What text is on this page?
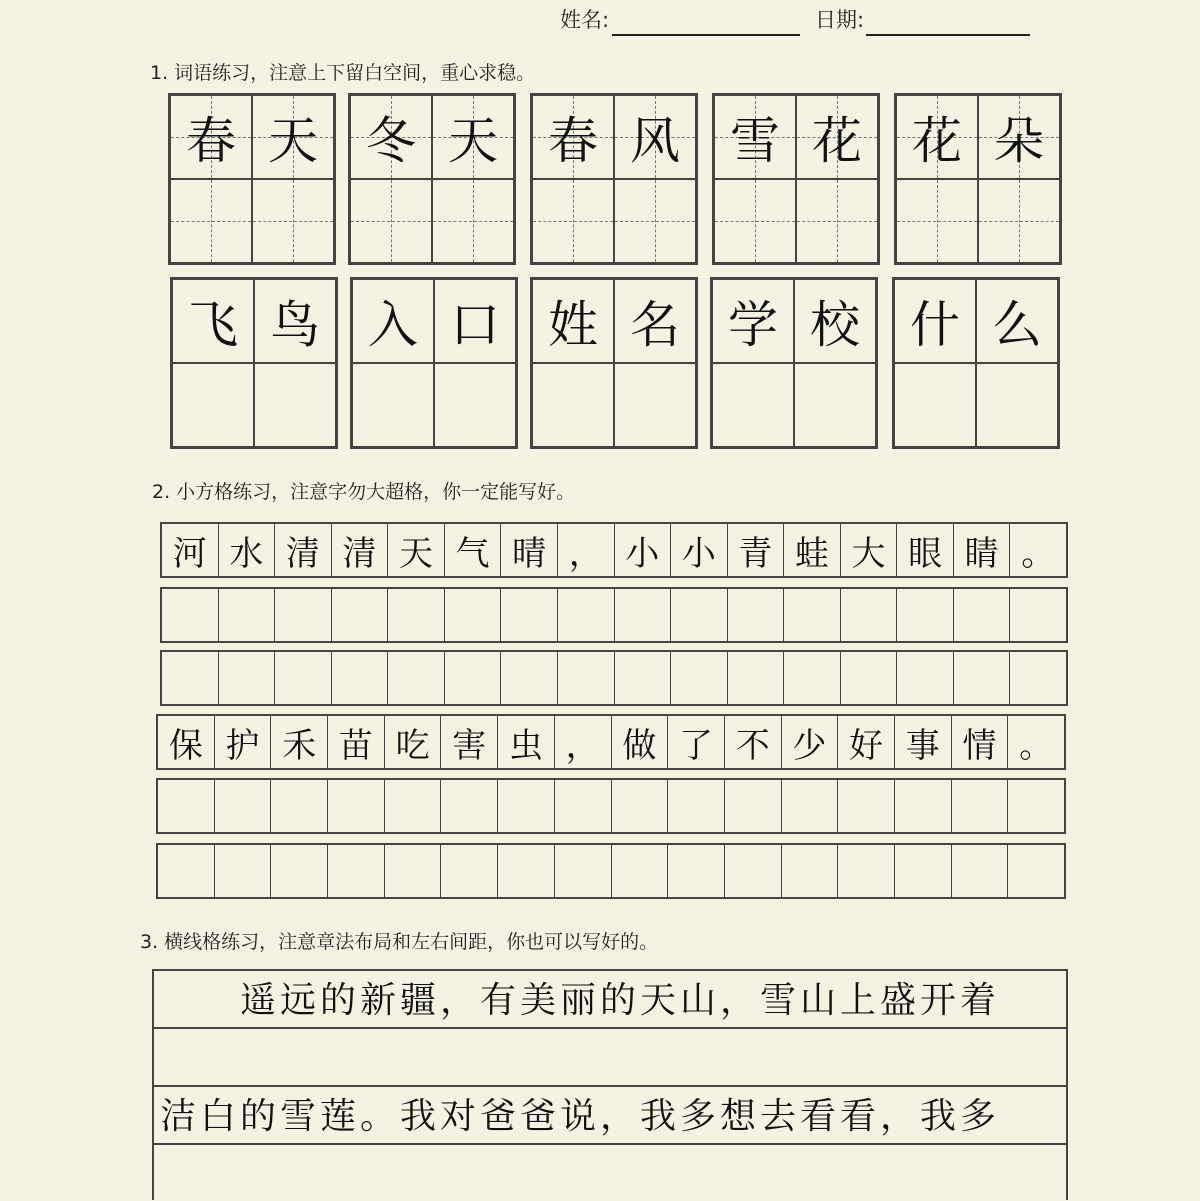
姓名:	日期:
1. 词语练习，注意上下留白空间，重心求稳。
春 天 冬 天	春 风	雪 花	花 朵
飞 鸟 入 口 姓 名 学 校	什 么
2. 小方格练习，注意字勿大超格，你一定能写好。
河 水 清 清 天 气 晴 ， 小 小 青 蛙 大 眼 睛 。
保 护 禾 苗 吃 害 虫 ， 做 了 不 少 好 事 情 。
3. 横线格练习，注意章法布局和左右间距，你也可以写好的。
　　遥远的新疆，有美丽的天山，雪山上盛开着
洁白的雪莲。我对爸爸说，我多想去看看，我多
